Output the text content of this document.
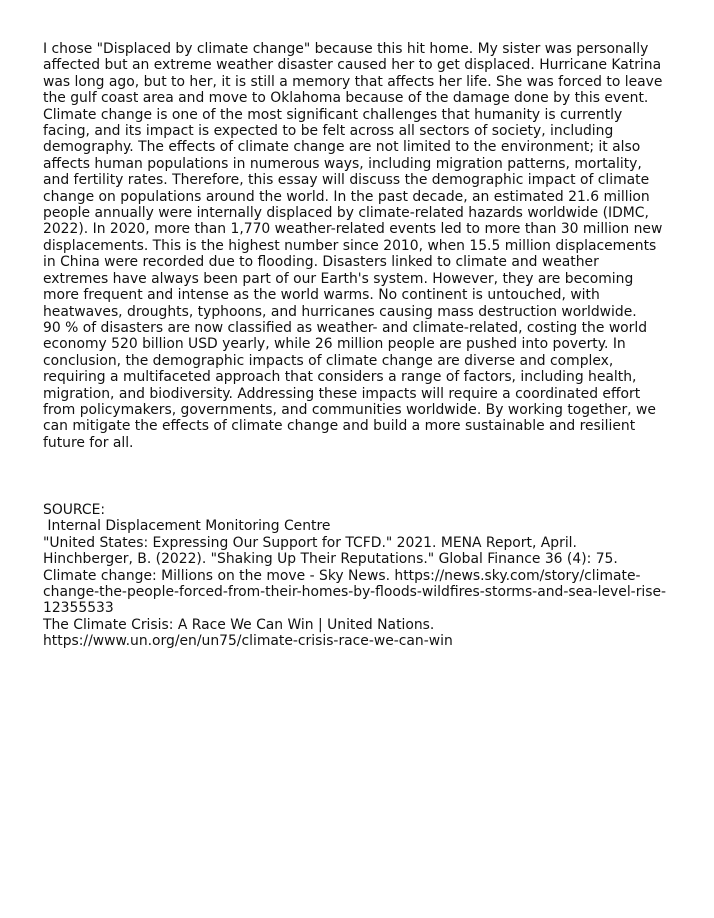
I chose "Displaced by climate change" because this hit home. My sister was personally
affected but an extreme weather disaster caused her to get displaced. Hurricane Katrina
was long ago, but to her, it is still a memory that affects her life. She was forced to leave
the gulf coast area and move to Oklahoma because of the damage done by this event.
Climate change is one of the most significant challenges that humanity is currently
facing, and its impact is expected to be felt across all sectors of society, including
demography. The effects of climate change are not limited to the environment; it also
affects human populations in numerous ways, including migration patterns, mortality,
and fertility rates. Therefore, this essay will discuss the demographic impact of climate
change on populations around the world. In the past decade, an estimated 21.6 million
people annually were internally displaced by climate-related hazards worldwide (IDMC,
2022). In 2020, more than 1,770 weather-related events led to more than 30 million new
displacements. This is the highest number since 2010, when 15.5 million displacements
in China were recorded due to flooding. Disasters linked to climate and weather
extremes have always been part of our Earth's system. However, they are becoming
more frequent and intense as the world warms. No continent is untouched, with
heatwaves, droughts, typhoons, and hurricanes causing mass destruction worldwide.
90 % of disasters are now classified as weather- and climate-related, costing the world
economy 520 billion USD yearly, while 26 million people are pushed into poverty. In
conclusion, the demographic impacts of climate change are diverse and complex,
requiring a multifaceted approach that considers a range of factors, including health,
migration, and biodiversity. Addressing these impacts will require a coordinated effort
from policymakers, governments, and communities worldwide. By working together, we
can mitigate the effects of climate change and build a more sustainable and resilient
future for all.

SOURCE:
Internal Displacement Monitoring Centre
"United States: Expressing Our Support for TCFD." 2021. MENA Report, April.
Hinchberger, B. (2022). "Shaking Up Their Reputations." Global Finance 36 (4): 75.
Climate change: Millions on the move - Sky News. https://news.sky.com/story/climate-
change-the-people-forced-from-their-homes-by-floods-wildfires-storms-and-sea-level-rise-
12355533
The Climate Crisis: A Race We Can Win | United Nations.
https://www.un.org/en/un75/climate-crisis-race-we-can-win
